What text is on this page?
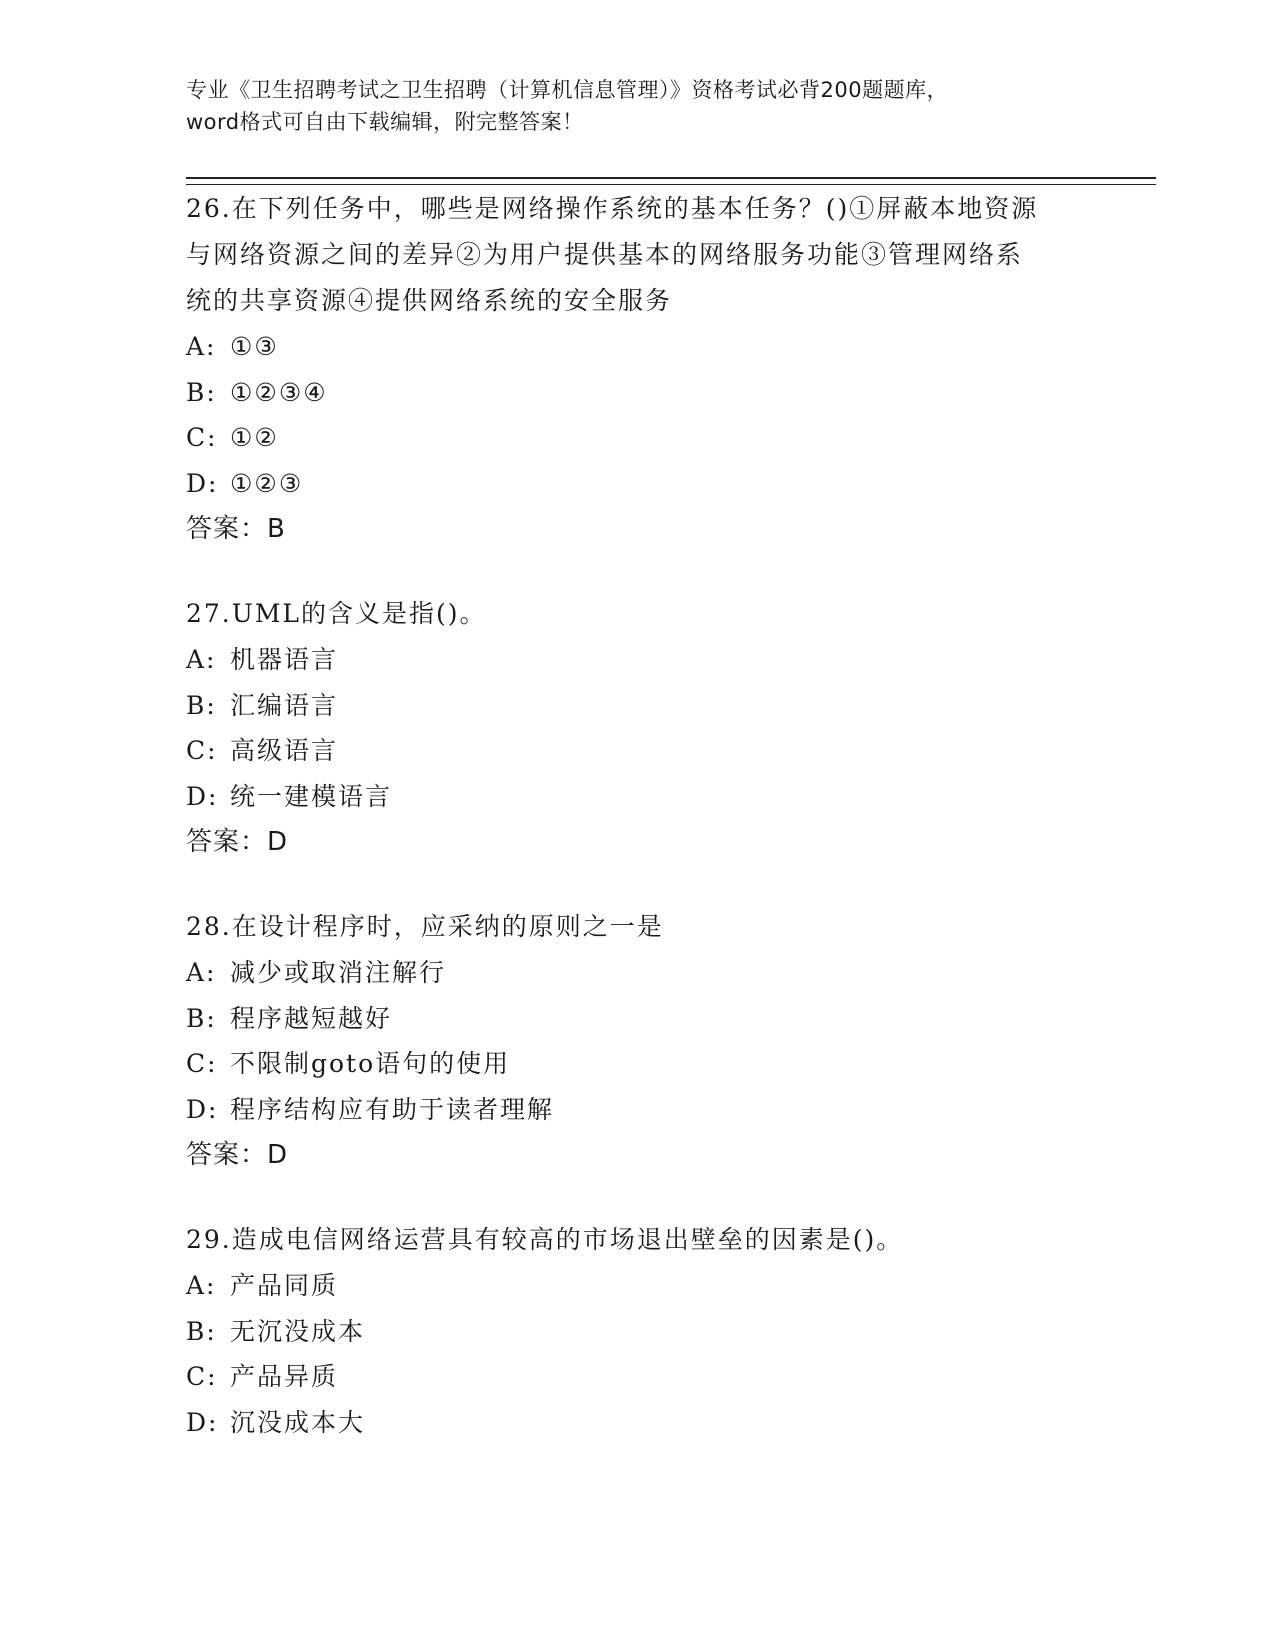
专业《卫生招聘考试之卫生招聘（计算机信息管理）》资格考试必背200题题库，
word格式可自由下载编辑，附完整答案！
26.在下列任务中，哪些是网络操作系统的基本任务？()①屏蔽本地资源与网络资源之间的差异②为用户提供基本的网络服务功能③管理网络系统的共享资源④提供网络系统的安全服务
A: ①③
B: ①②③④
C: ①②
D: ①②③
答案：B
27.UML的含义是指()。
A: 机器语言
B: 汇编语言
C: 高级语言
D: 统一建模语言
答案：D
28.在设计程序时，应采纳的原则之一是
A: 减少或取消注解行
B: 程序越短越好
C: 不限制goto语句的使用
D: 程序结构应有助于读者理解
答案：D
29.造成电信网络运营具有较高的市场退出壁垒的因素是()。
A: 产品同质
B: 无沉没成本
C: 产品异质
D: 沉没成本大
